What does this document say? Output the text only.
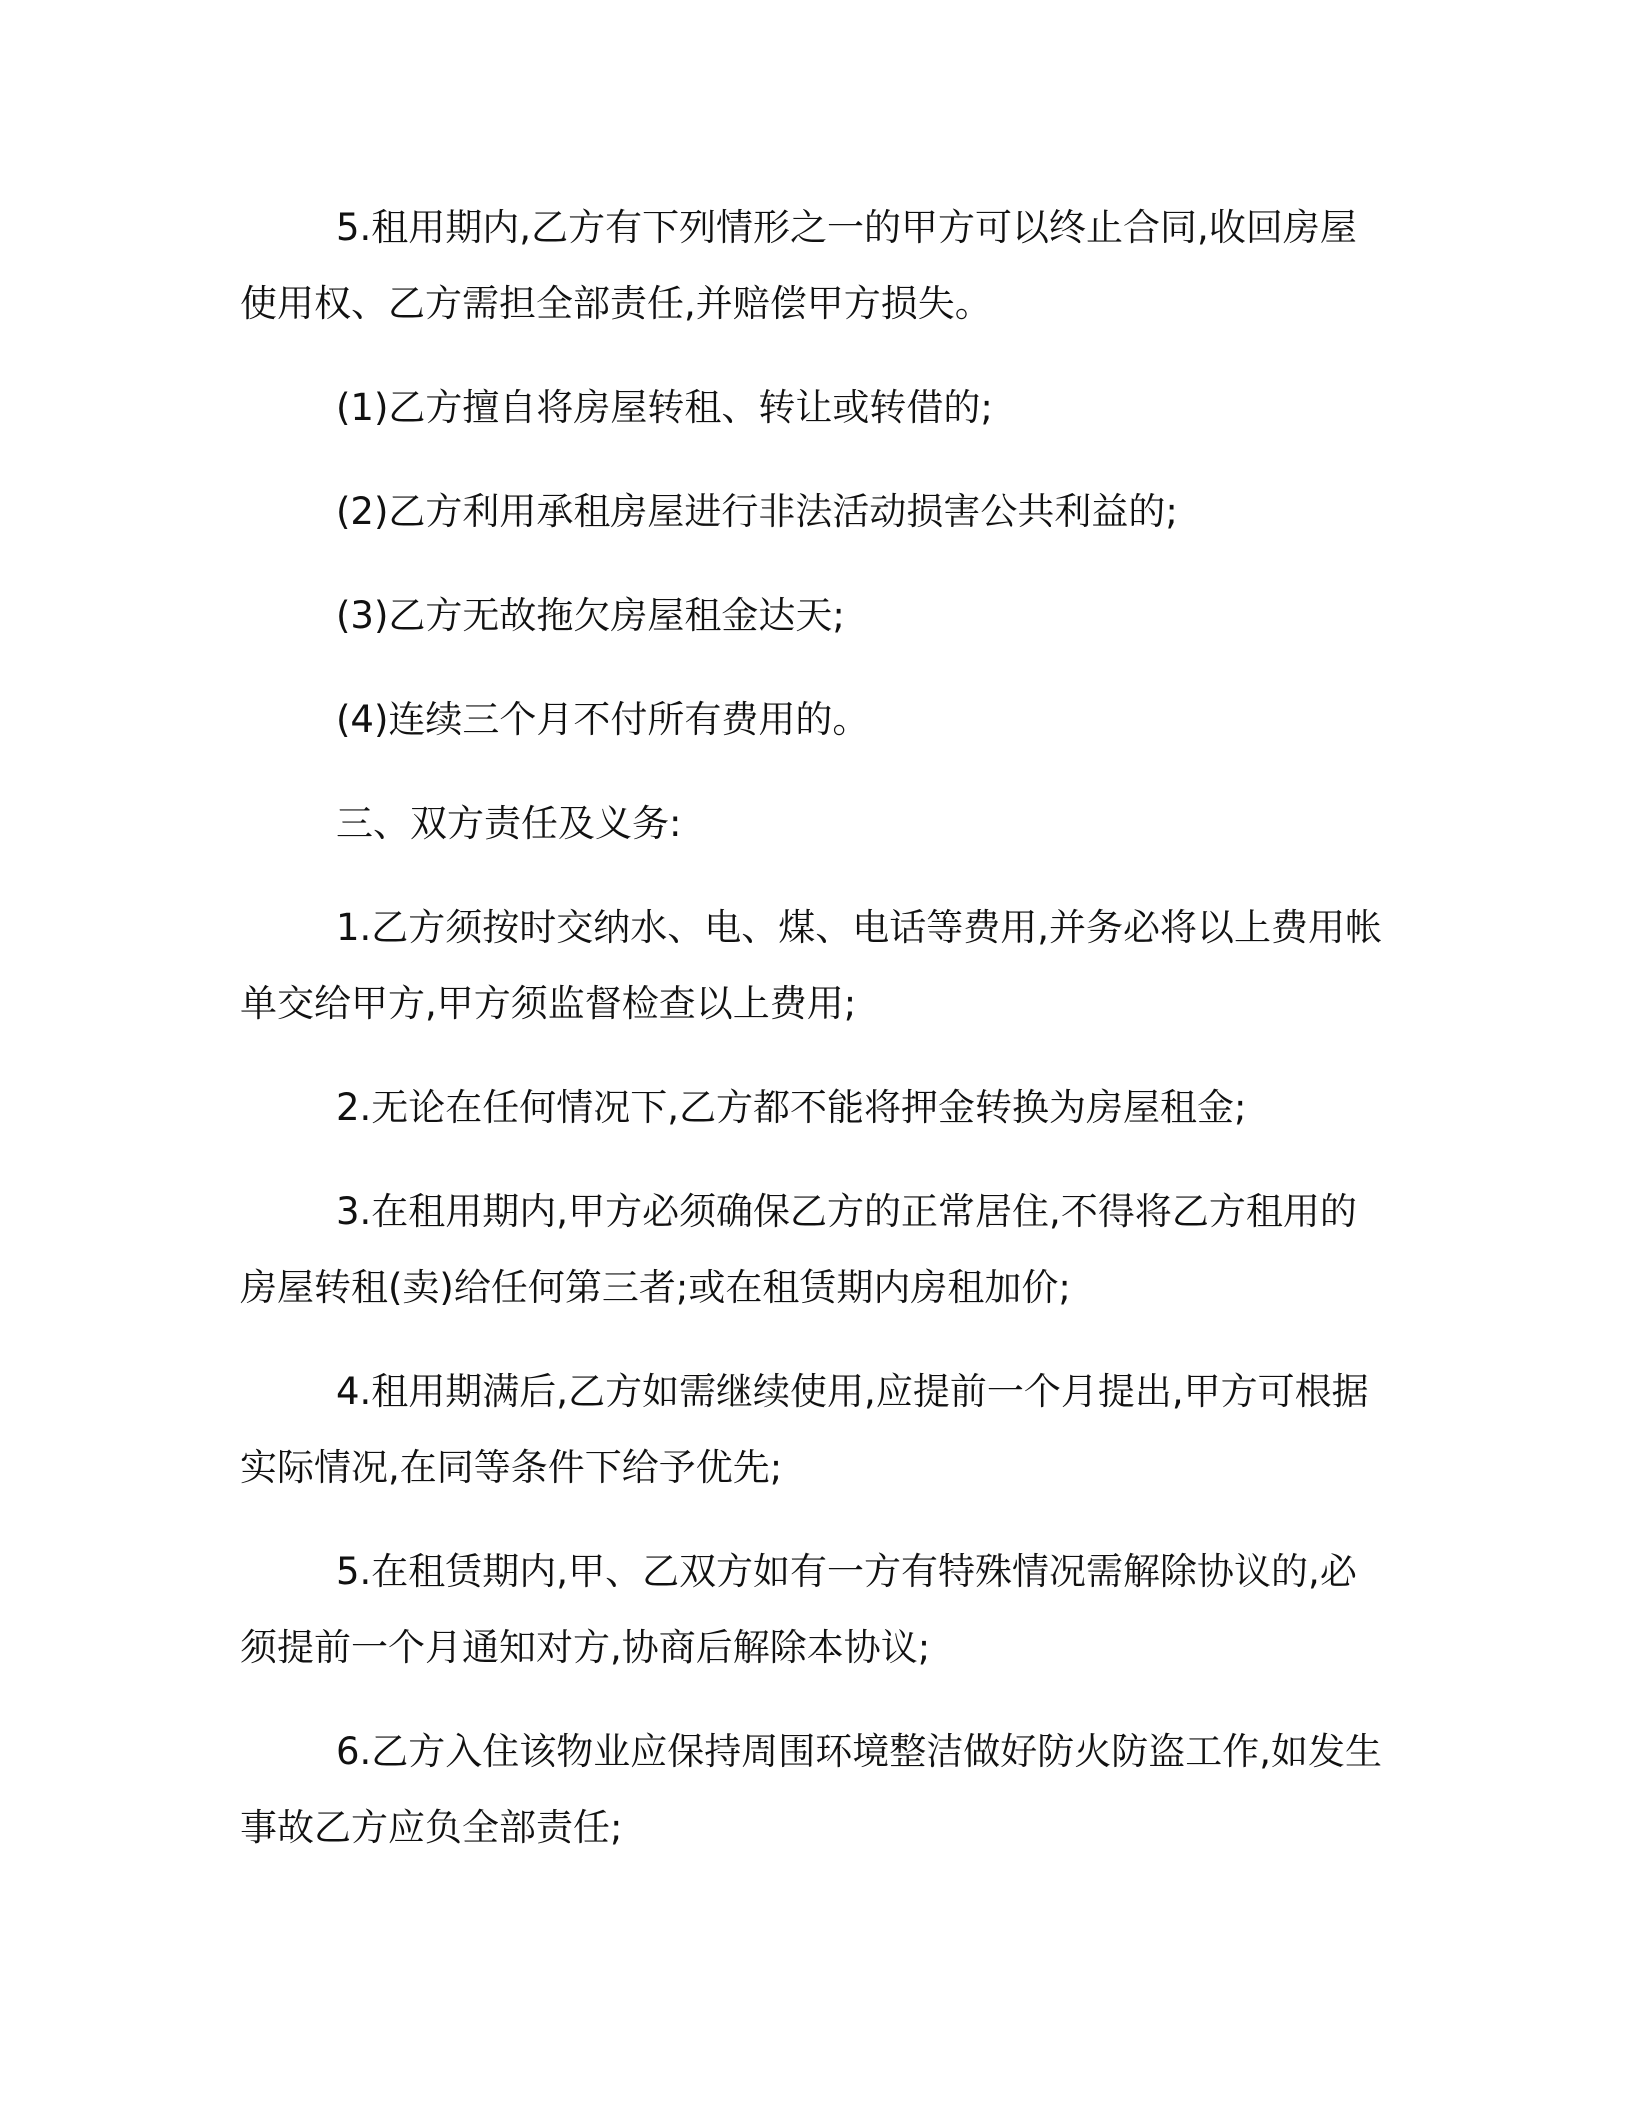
5.租用期内,乙方有下列情形之一的甲方可以终止合同,收回房屋使用权、乙方需担全部责任,并赔偿甲方损失。

(1)乙方擅自将房屋转租、转让或转借的;

(2)乙方利用承租房屋进行非法活动损害公共利益的;

(3)乙方无故拖欠房屋租金达天;

(4)连续三个月不付所有费用的。

三、双方责任及义务:

1.乙方须按时交纳水、电、煤、电话等费用,并务必将以上费用帐单交给甲方,甲方须监督检查以上费用;

2.无论在任何情况下,乙方都不能将押金转换为房屋租金;

3.在租用期内,甲方必须确保乙方的正常居住,不得将乙方租用的房屋转租(卖)给任何第三者;或在租赁期内房租加价;

4.租用期满后,乙方如需继续使用,应提前一个月提出,甲方可根据实际情况,在同等条件下给予优先;

5.在租赁期内,甲、乙双方如有一方有特殊情况需解除协议的,必须提前一个月通知对方,协商后解除本协议;

6.乙方入住该物业应保持周围环境整洁做好防火防盗工作,如发生事故乙方应负全部责任;
